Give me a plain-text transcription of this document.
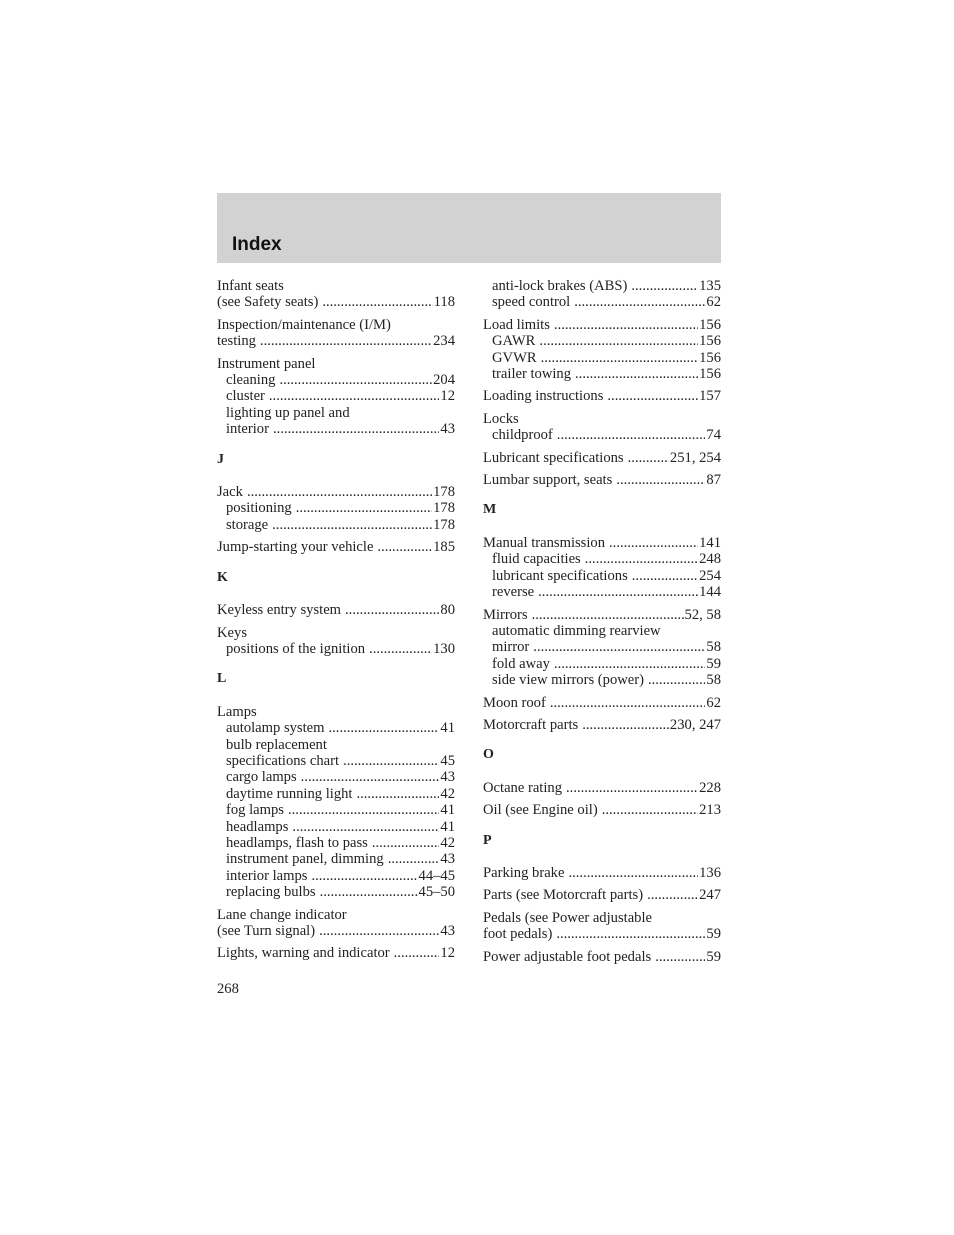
Index
Infant seats
(see Safety seats) .....	118
Inspection/maintenance (I/M)
testing .....	234
Instrument panel
cleaning .....	204
cluster .....	12
lighting up panel and
interior .....	43
J
Jack .....	178
positioning .....	178
storage .....	178
Jump-starting your vehicle .....	185
K
Keyless entry system .....	80
Keys
positions of the ignition .....	130
L
Lamps
autolamp system .....	41
bulb replacement
specifications chart .....	45
cargo lamps .....	43
daytime running light .....	42
fog lamps .....	41
headlamps .....	41
headlamps, flash to pass .....	42
instrument panel, dimming .....	43
interior lamps .....	44–45
replacing bulbs .....	45–50
Lane change indicator
(see Turn signal) .....	43
Lights, warning and indicator .....	12
anti-lock brakes (ABS) .....	135
speed control .....	62
Load limits .....	156
GAWR .....	156
GVWR .....	156
trailer towing .....	156
Loading instructions .....	157
Locks
childproof .....	74
Lubricant specifications .....	251, 254
Lumbar support, seats .....	87
M
Manual transmission .....	141
fluid capacities .....	248
lubricant specifications .....	254
reverse .....	144
Mirrors .....	52, 58
automatic dimming rearview
mirror .....	58
fold away .....	59
side view mirrors (power) .....	58
Moon roof .....	62
Motorcraft parts .....	230, 247
O
Octane rating .....	228
Oil (see Engine oil) .....	213
P
Parking brake .....	136
Parts (see Motorcraft parts) .....	247
Pedals (see Power adjustable
foot pedals) .....	59
Power adjustable foot pedals .....	59
268
